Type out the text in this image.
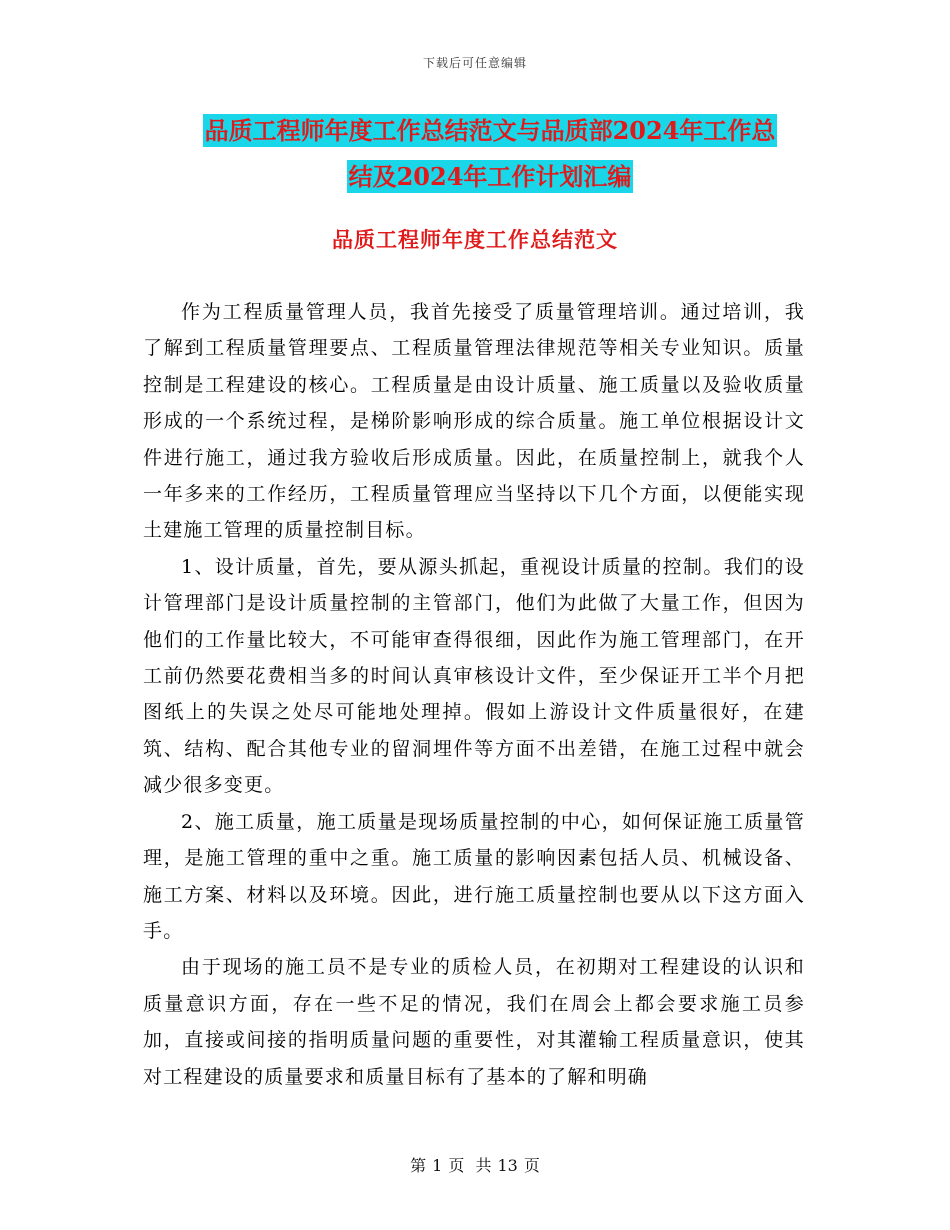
下载后可任意编辑
品质工程师年度工作总结范文与品质部2024年工作总
结及2024年工作计划汇编
品质工程师年度工作总结范文

作为工程质量管理人员，我首先接受了质量管理培训。通过培训，我了解到工程质量管理要点、工程质量管理法律规范等相关专业知识。质量控制是工程建设的核心。工程质量是由设计质量、施工质量以及验收质量形成的一个系统过程，是梯阶影响形成的综合质量。施工单位根据设计文件进行施工，通过我方验收后形成质量。因此，在质量控制上，就我个人一年多来的工作经历，工程质量管理应当坚持以下几个方面，以便能实现土建施工管理的质量控制目标。

1、设计质量，首先，要从源头抓起，重视设计质量的控制。我们的设计管理部门是设计质量控制的主管部门，他们为此做了大量工作，但因为他们的工作量比较大，不可能审查得很细，因此作为施工管理部门，在开工前仍然要花费相当多的时间认真审核设计文件，至少保证开工半个月把图纸上的失误之处尽可能地处理掉。假如上游设计文件质量很好，在建筑、结构、配合其他专业的留洞埋件等方面不出差错，在施工过程中就会减少很多变更。

2、施工质量，施工质量是现场质量控制的中心，如何保证施工质量管理，是施工管理的重中之重。施工质量的影响因素包括人员、机械设备、施工方案、材料以及环境。因此，进行施工质量控制也要从以下这方面入手。

由于现场的施工员不是专业的质检人员，在初期对工程建设的认识和质量意识方面，存在一些不足的情况，我们在周会上都会要求施工员参加，直接或间接的指明质量问题的重要性，对其灌输工程质量意识，使其对工程建设的质量要求和质量目标有了基本的了解和明确

第 1 页 共 13 页
